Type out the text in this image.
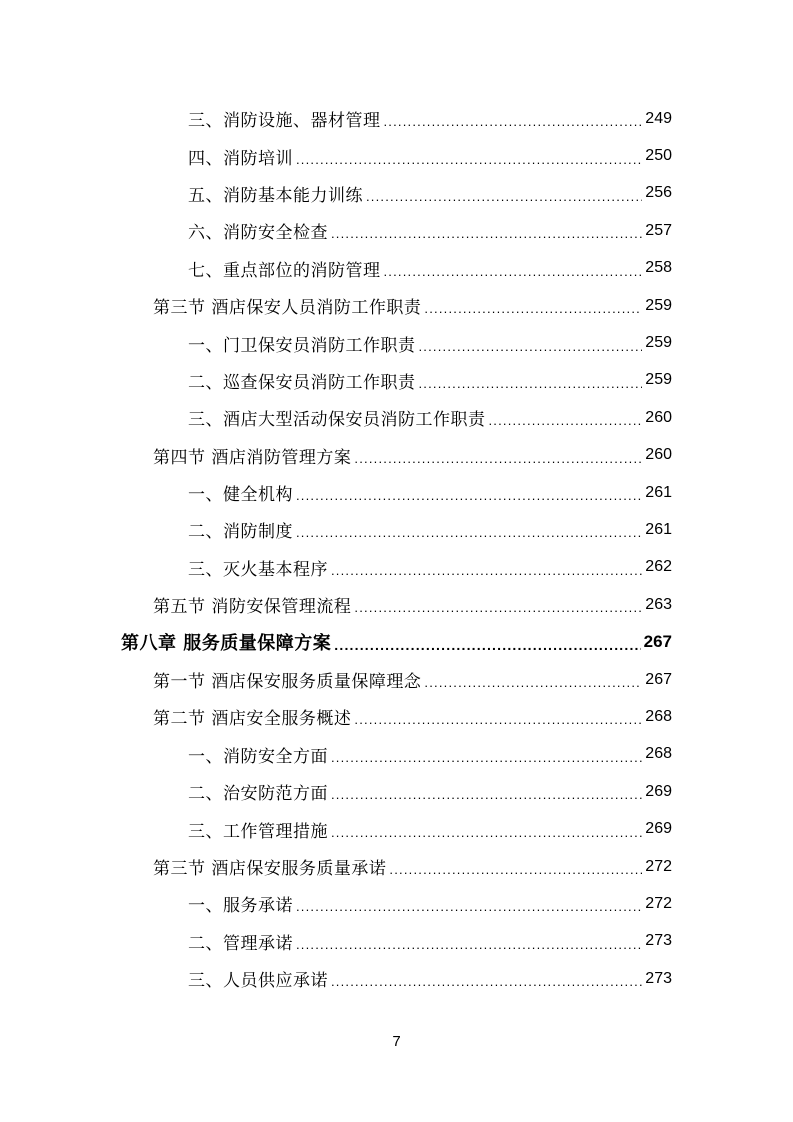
三、消防设施、器材管理 .....	249
四、消防培训 .....	250
五、消防基本能力训练 .....	256
六、消防安全检查 .....	257
七、重点部位的消防管理 .....	258
第三节 酒店保安人员消防工作职责 .....	259
一、门卫保安员消防工作职责 .....	259
二、巡查保安员消防工作职责 .....	259
三、酒店大型活动保安员消防工作职责 .....	260
第四节 酒店消防管理方案 .....	260
一、健全机构 .....	261
二、消防制度 .....	261
三、灭火基本程序 .....	262
第五节 消防安保管理流程 .....	263
第八章 服务质量保障方案 .....	267
第一节 酒店保安服务质量保障理念 .....	267
第二节 酒店安全服务概述 .....	268
一、消防安全方面 .....	268
二、治安防范方面 .....	269
三、工作管理措施 .....	269
第三节 酒店保安服务质量承诺 .....	272
一、服务承诺 .....	272
二、管理承诺 .....	273
三、人员供应承诺 .....	273
7
